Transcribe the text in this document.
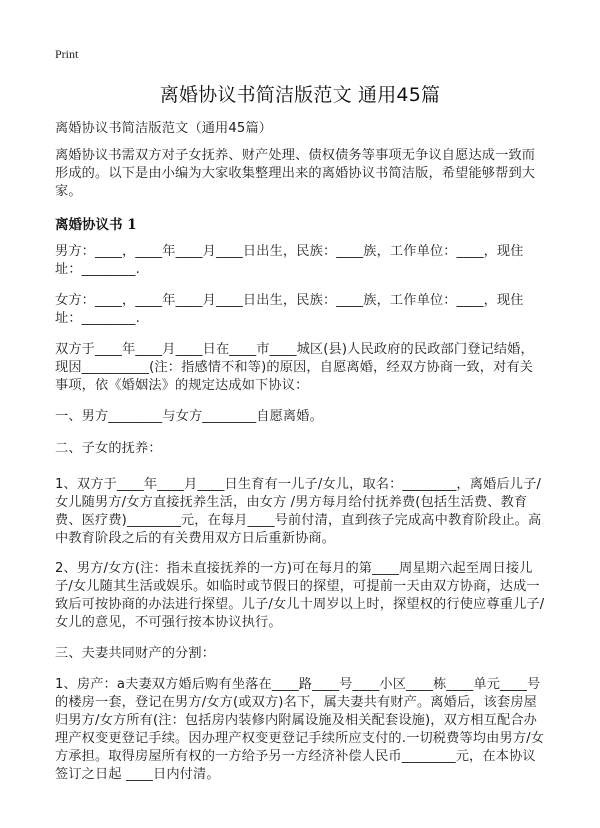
Print
离婚协议书简洁版范文 通用45篇
离婚协议书简洁版范文（通用45篇）
离婚协议书需双方对子女抚养、财产处理、债权债务等事项无争议自愿达成一致而形成的。以下是由小编为大家收集整理出来的离婚协议书简洁版，希望能够帮到大家。
离婚协议书 1
男方：____，____年____月____日出生，民族：____族，工作单位：____，现住址：________.
女方：____，____年____月____日出生，民族：____族，工作单位：____，现住址：________.
双方于____年____月____日在____市____城区(县)人民政府的民政部门登记结婚，现因__________(注：指感情不和等)的原因，自愿离婚，经双方协商一致，对有关事项，依《婚姻法》的规定达成如下协议：
一、男方________与女方________自愿离婚。
二、子女的抚养：
1、双方于____年____月____日生育有一儿子/女儿，取名：________，离婚后儿子/女儿随男方/女方直接抚养生活，由女方 /男方每月给付抚养费(包括生活费、教育费、医疗费)________元，在每月____号前付清，直到孩子完成高中教育阶段止。高中教育阶段之后的有关费用双方日后重新协商。
2、男方/女方(注：指未直接抚养的一方)可在每月的第____周星期六起至周日接儿子/女儿随其生活或娱乐。如临时或节假日的探望，可提前一天由双方协商，达成一致后可按协商的办法进行探望。儿子/女儿十周岁以上时，探望权的行使应尊重儿子/女儿的意见，不可强行按本协议执行。
三、夫妻共同财产的分割：
1、房产：a夫妻双方婚后购有坐落在____路____号____小区____栋____单元____号的楼房一套，登记在男方/女方(或双方)名下，属夫妻共有财产。离婚后，该套房屋归男方/女方所有(注：包括房内装修内附属设施及相关配套设施)，双方相互配合办理产权变更登记手续。因办理产权变更登记手续所应支付的.一切税费等均由男方/女方承担。取得房屋所有权的一方给予另一方经济补偿人民币________元，在本协议签订之日起 ____日内付清。
